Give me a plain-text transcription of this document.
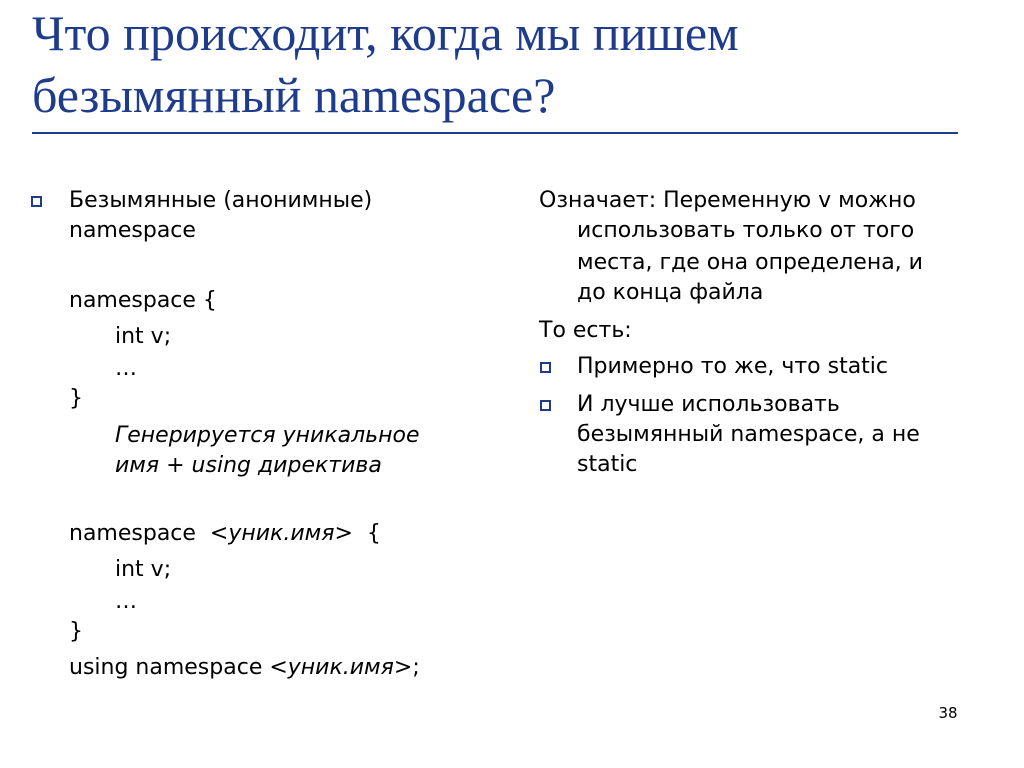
Что происходит, когда мы пишем
безымянный namespace?
Безымянные (анонимные)
namespace
namespace {
int v;
…
}
Генерируется уникальное
имя + using директива
namespace  <уник.имя>  {
int v;
…
}
using namespace <уник.имя>;
Означает: Переменную v можно
использовать только от того
места, где она определена, и
до конца файла
То есть:
Примерно то же, что static
И лучше использовать
безымянный namespace, а не
static
38
